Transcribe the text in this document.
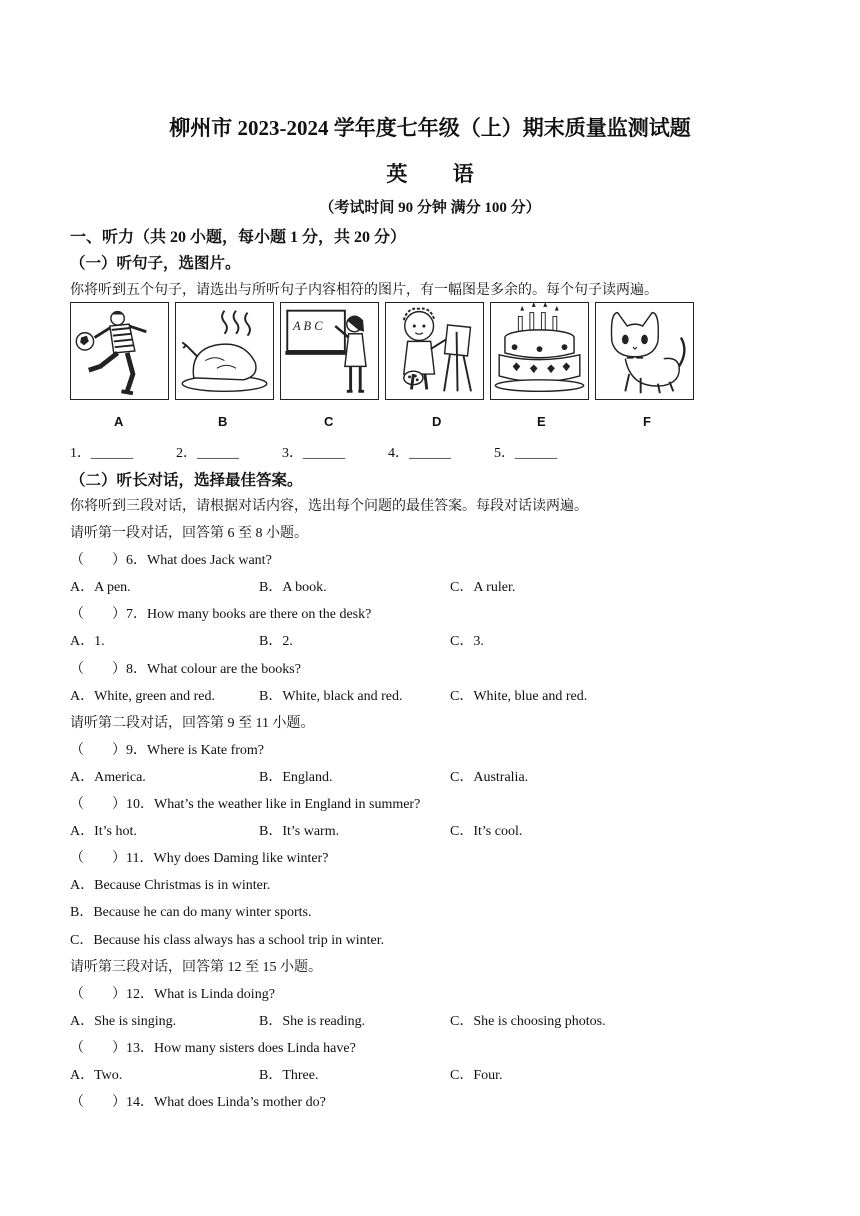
柳州市 2023-2024 学年度七年级（上）期末质量监测试题
英 语
（考试时间 90 分钟 满分 100 分）
一、听力（共 20 小题，每小题 1 分，共 20 分）
（一）听句子，选图片。
你将听到五个句子，请选出与所听句子内容相符的图片，有一幅图是多余的。每个句子读两遍。
A B C
A	B	C	D	E	F
1．______	2．______	3．______	4．______	5．______
（二）听长对话，选择最佳答案。
你将听到三段对话，请根据对话内容，选出每个问题的最佳答案。每段对话读两遍。
请听第一段对话，回答第 6 至 8 小题。
（　　）6．What does Jack want?
A．A pen.	B．A book.	C．A ruler.
（　　）7．How many books are there on the desk?
A．1.	B．2.	C．3.
（　　）8．What colour are the books?
A．White, green and red.	B．White, black and red.	C．White, blue and red.
请听第二段对话，回答第 9 至 11 小题。
（　　）9．Where is Kate from?
A．America.	B．England.	C．Australia.
（　　）10．What’s the weather like in England in summer?
A．It’s hot.	B．It’s warm.	C．It’s cool.
（　　）11．Why does Daming like winter?
A．Because Christmas is in winter.
B．Because he can do many winter sports.
C．Because his class always has a school trip in winter.
请听第三段对话，回答第 12 至 15 小题。
（　　）12．What is Linda doing?
A．She is singing.	B．She is reading.	C．She is choosing photos.
（　　）13．How many sisters does Linda have?
A．Two.	B．Three.	C．Four.
（　　）14．What does Linda’s mother do?
